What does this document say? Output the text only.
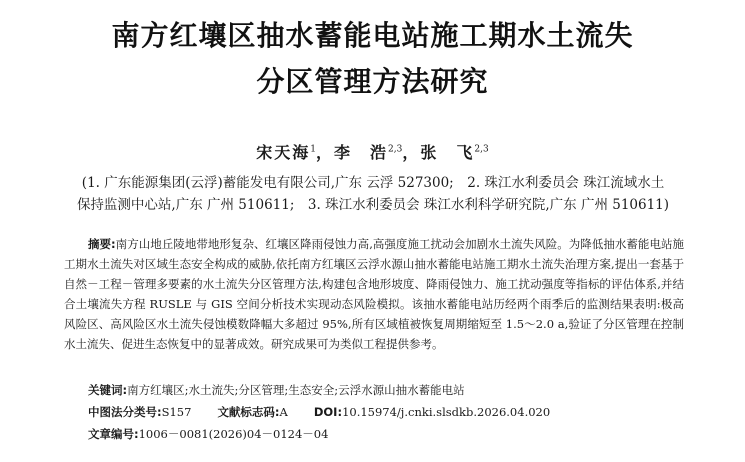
南方红壤区抽水蓄能电站施工期水土流失
分区管理方法研究
宋天海$^1$，李　浩$^{2,3}$，张　飞$^{2,3}$
(1. 广东能源集团(云浮)蓄能发电有限公司,广东 云浮 527300;　2. 珠江水利委员会 珠江流域水土
保持监测中心站,广东 广州 510611;　3. 珠江水利委员会 珠江水利科学研究院,广东 广州 510611)
摘要:南方山地丘陵地带地形复杂、红壤区降雨侵蚀力高,高强度施工扰动会加剧水土流失风险。为降低抽水蓄能电站施工期水土流失对区域生态安全构成的威胁,依托南方红壤区云浮水源山抽水蓄能电站施工期水土流失治理方案,提出一套基于自然－工程－管理多要素的水土流失分区管理方法,构建包含地形坡度、降雨侵蚀力、施工扰动强度等指标的评估体系,并结合土壤流失方程 RUSLE 与 GIS 空间分析技术实现动态风险模拟。该抽水蓄能电站历经两个雨季后的监测结果表明:极高风险区、高风险区水土流失侵蚀模数降幅大多超过 95%,所有区域植被恢复周期缩短至 1.5～2.0 a,验证了分区管理在控制水土流失、促进生态恢复中的显著成效。研究成果可为类似工程提供参考。
关键词:南方红壤区;水土流失;分区管理;生态安全;云浮水源山抽水蓄能电站
中图法分类号:S157 文献标志码:A DOI:10.15974/j.cnki.slsdkb.2026.04.020
文章编号:1006－0081(2026)04－0124－04
